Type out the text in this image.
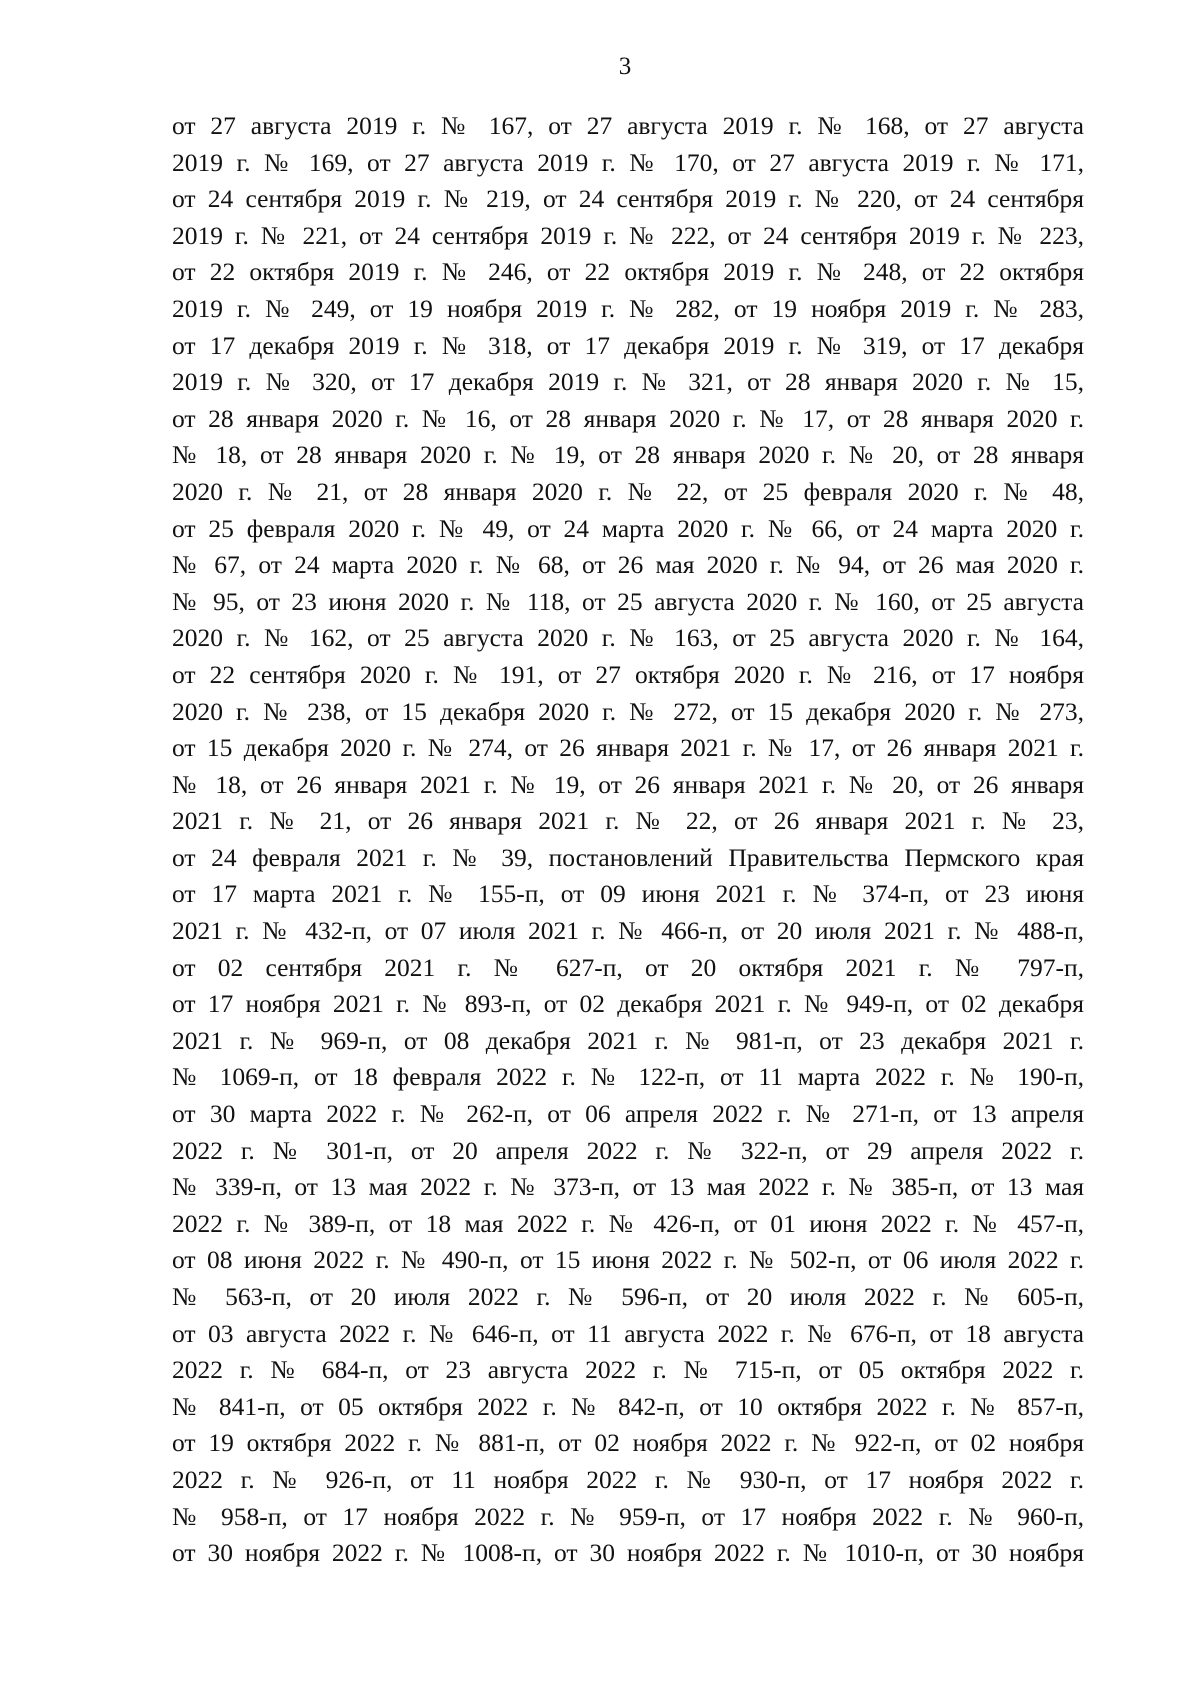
3
от 27 августа 2019 г. № 167, от 27 августа 2019 г. № 168, от 27 августа
2019 г. № 169, от 27 августа 2019 г. № 170, от 27 августа 2019 г. № 171,
от 24 сентября 2019 г. № 219, от 24 сентября 2019 г. № 220, от 24 сентября
2019 г. № 221, от 24 сентября 2019 г. № 222, от 24 сентября 2019 г. № 223,
от 22 октября 2019 г. № 246, от 22 октября 2019 г. № 248, от 22 октября
2019 г. № 249, от 19 ноября 2019 г. № 282, от 19 ноября 2019 г. № 283,
от 17 декабря 2019 г. № 318, от 17 декабря 2019 г. № 319, от 17 декабря
2019 г. № 320, от 17 декабря 2019 г. № 321, от 28 января 2020 г. № 15,
от 28 января 2020 г. № 16, от 28 января 2020 г. № 17, от 28 января 2020 г.
№ 18, от 28 января 2020 г. № 19, от 28 января 2020 г. № 20, от 28 января
2020 г. № 21, от 28 января 2020 г. № 22, от 25 февраля 2020 г. № 48,
от 25 февраля 2020 г. № 49, от 24 марта 2020 г. № 66, от 24 марта 2020 г.
№ 67, от 24 марта 2020 г. № 68, от 26 мая 2020 г. № 94, от 26 мая 2020 г.
№ 95, от 23 июня 2020 г. № 118, от 25 августа 2020 г. № 160, от 25 августа
2020 г. № 162, от 25 августа 2020 г. № 163, от 25 августа 2020 г. № 164,
от 22 сентября 2020 г. № 191, от 27 октября 2020 г. № 216, от 17 ноября
2020 г. № 238, от 15 декабря 2020 г. № 272, от 15 декабря 2020 г. № 273,
от 15 декабря 2020 г. № 274, от 26 января 2021 г. № 17, от 26 января 2021 г.
№ 18, от 26 января 2021 г. № 19, от 26 января 2021 г. № 20, от 26 января
2021 г. № 21, от 26 января 2021 г. № 22, от 26 января 2021 г. № 23,
от 24 февраля 2021 г. № 39, постановлений Правительства Пермского края
от 17 марта 2021 г. № 155-п, от 09 июня 2021 г. № 374-п, от 23 июня
2021 г. № 432-п, от 07 июля 2021 г. № 466-п, от 20 июля 2021 г. № 488-п,
от 02 сентября 2021 г. № 627-п, от 20 октября 2021 г. № 797-п,
от 17 ноября 2021 г. № 893-п, от 02 декабря 2021 г. № 949-п, от 02 декабря
2021 г. № 969-п, от 08 декабря 2021 г. № 981-п, от 23 декабря 2021 г.
№ 1069-п, от 18 февраля 2022 г. № 122-п, от 11 марта 2022 г. № 190-п,
от 30 марта 2022 г. № 262-п, от 06 апреля 2022 г. № 271-п, от 13 апреля
2022 г. № 301-п, от 20 апреля 2022 г. № 322-п, от 29 апреля 2022 г.
№ 339-п, от 13 мая 2022 г. № 373-п, от 13 мая 2022 г. № 385-п, от 13 мая
2022 г. № 389-п, от 18 мая 2022 г. № 426-п, от 01 июня 2022 г. № 457-п,
от 08 июня 2022 г. № 490-п, от 15 июня 2022 г. № 502-п, от 06 июля 2022 г.
№ 563-п, от 20 июля 2022 г. № 596-п, от 20 июля 2022 г. № 605-п,
от 03 августа 2022 г. № 646-п, от 11 августа 2022 г. № 676-п, от 18 августа
2022 г. № 684-п, от 23 августа 2022 г. № 715-п, от 05 октября 2022 г.
№ 841-п, от 05 октября 2022 г. № 842-п, от 10 октября 2022 г. № 857-п,
от 19 октября 2022 г. № 881-п, от 02 ноября 2022 г. № 922-п, от 02 ноября
2022 г. № 926-п, от 11 ноября 2022 г. № 930-п, от 17 ноября 2022 г.
№ 958-п, от 17 ноября 2022 г. № 959-п, от 17 ноября 2022 г. № 960-п,
от 30 ноября 2022 г. № 1008-п, от 30 ноября 2022 г. № 1010-п, от 30 ноября
